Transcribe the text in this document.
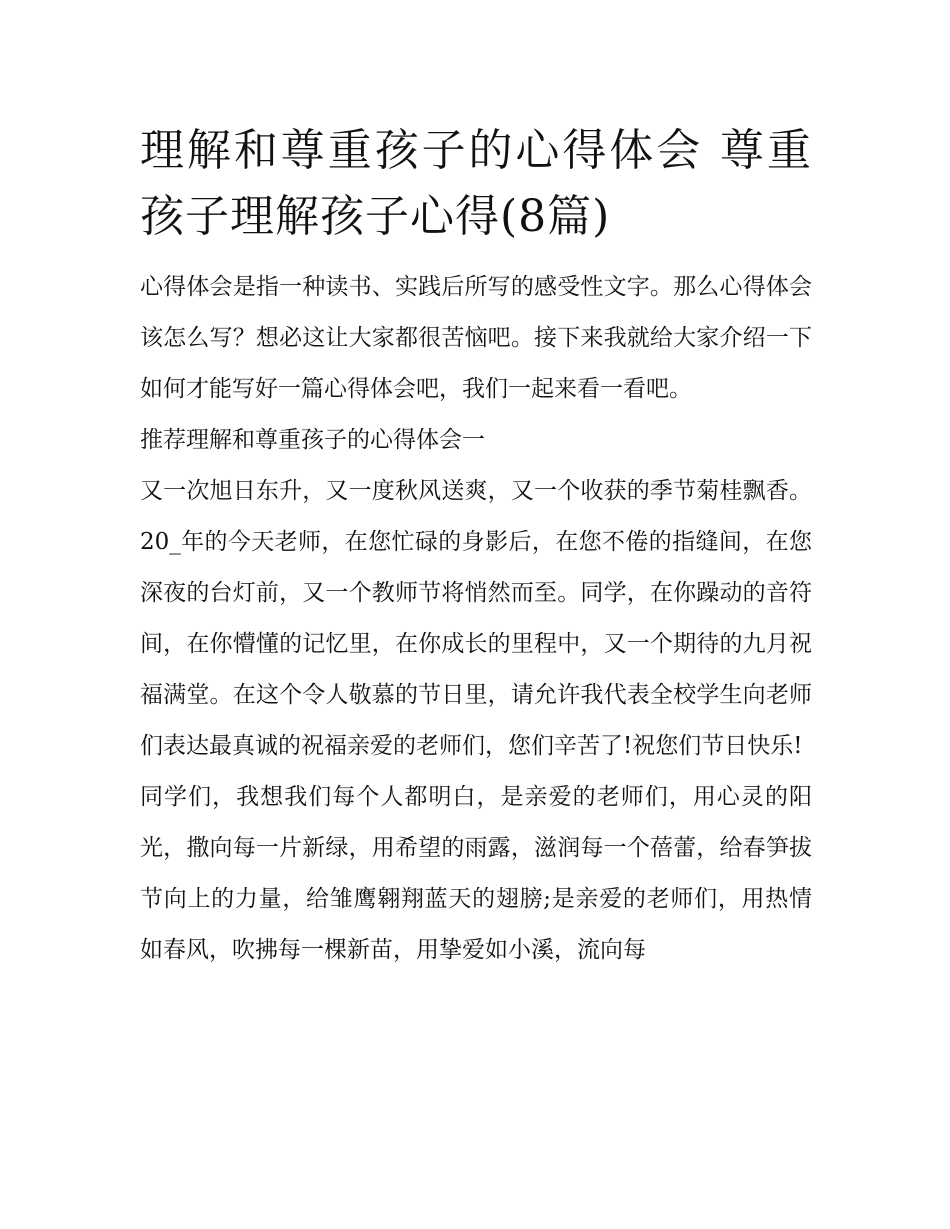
理解和尊重孩子的心得体会 尊重孩子理解孩子心得(8篇)

心得体会是指一种读书、实践后所写的感受性文字。那么心得体会该怎么写？想必这让大家都很苦恼吧。接下来我就给大家介绍一下如何才能写好一篇心得体会吧，我们一起来看一看吧。

推荐理解和尊重孩子的心得体会一

又一次旭日东升，又一度秋风送爽，又一个收获的季节菊桂飘香。20_年的今天老师，在您忙碌的身影后，在您不倦的指缝间，在您深夜的台灯前，又一个教师节将悄然而至。同学，在你躁动的音符间，在你懵懂的记忆里，在你成长的里程中，又一个期待的九月祝福满堂。在这个令人敬慕的节日里，请允许我代表全校学生向老师们表达最真诚的祝福亲爱的老师们，您们辛苦了!祝您们节日快乐!

同学们，我想我们每个人都明白，是亲爱的老师们，用心灵的阳光，撒向每一片新绿，用希望的雨露，滋润每一个蓓蕾，给春笋拔节向上的力量，给雏鹰翱翔蓝天的翅膀;是亲爱的老师们，用热情如春风，吹拂每一棵新苗，用挚爱如小溪，流向每
